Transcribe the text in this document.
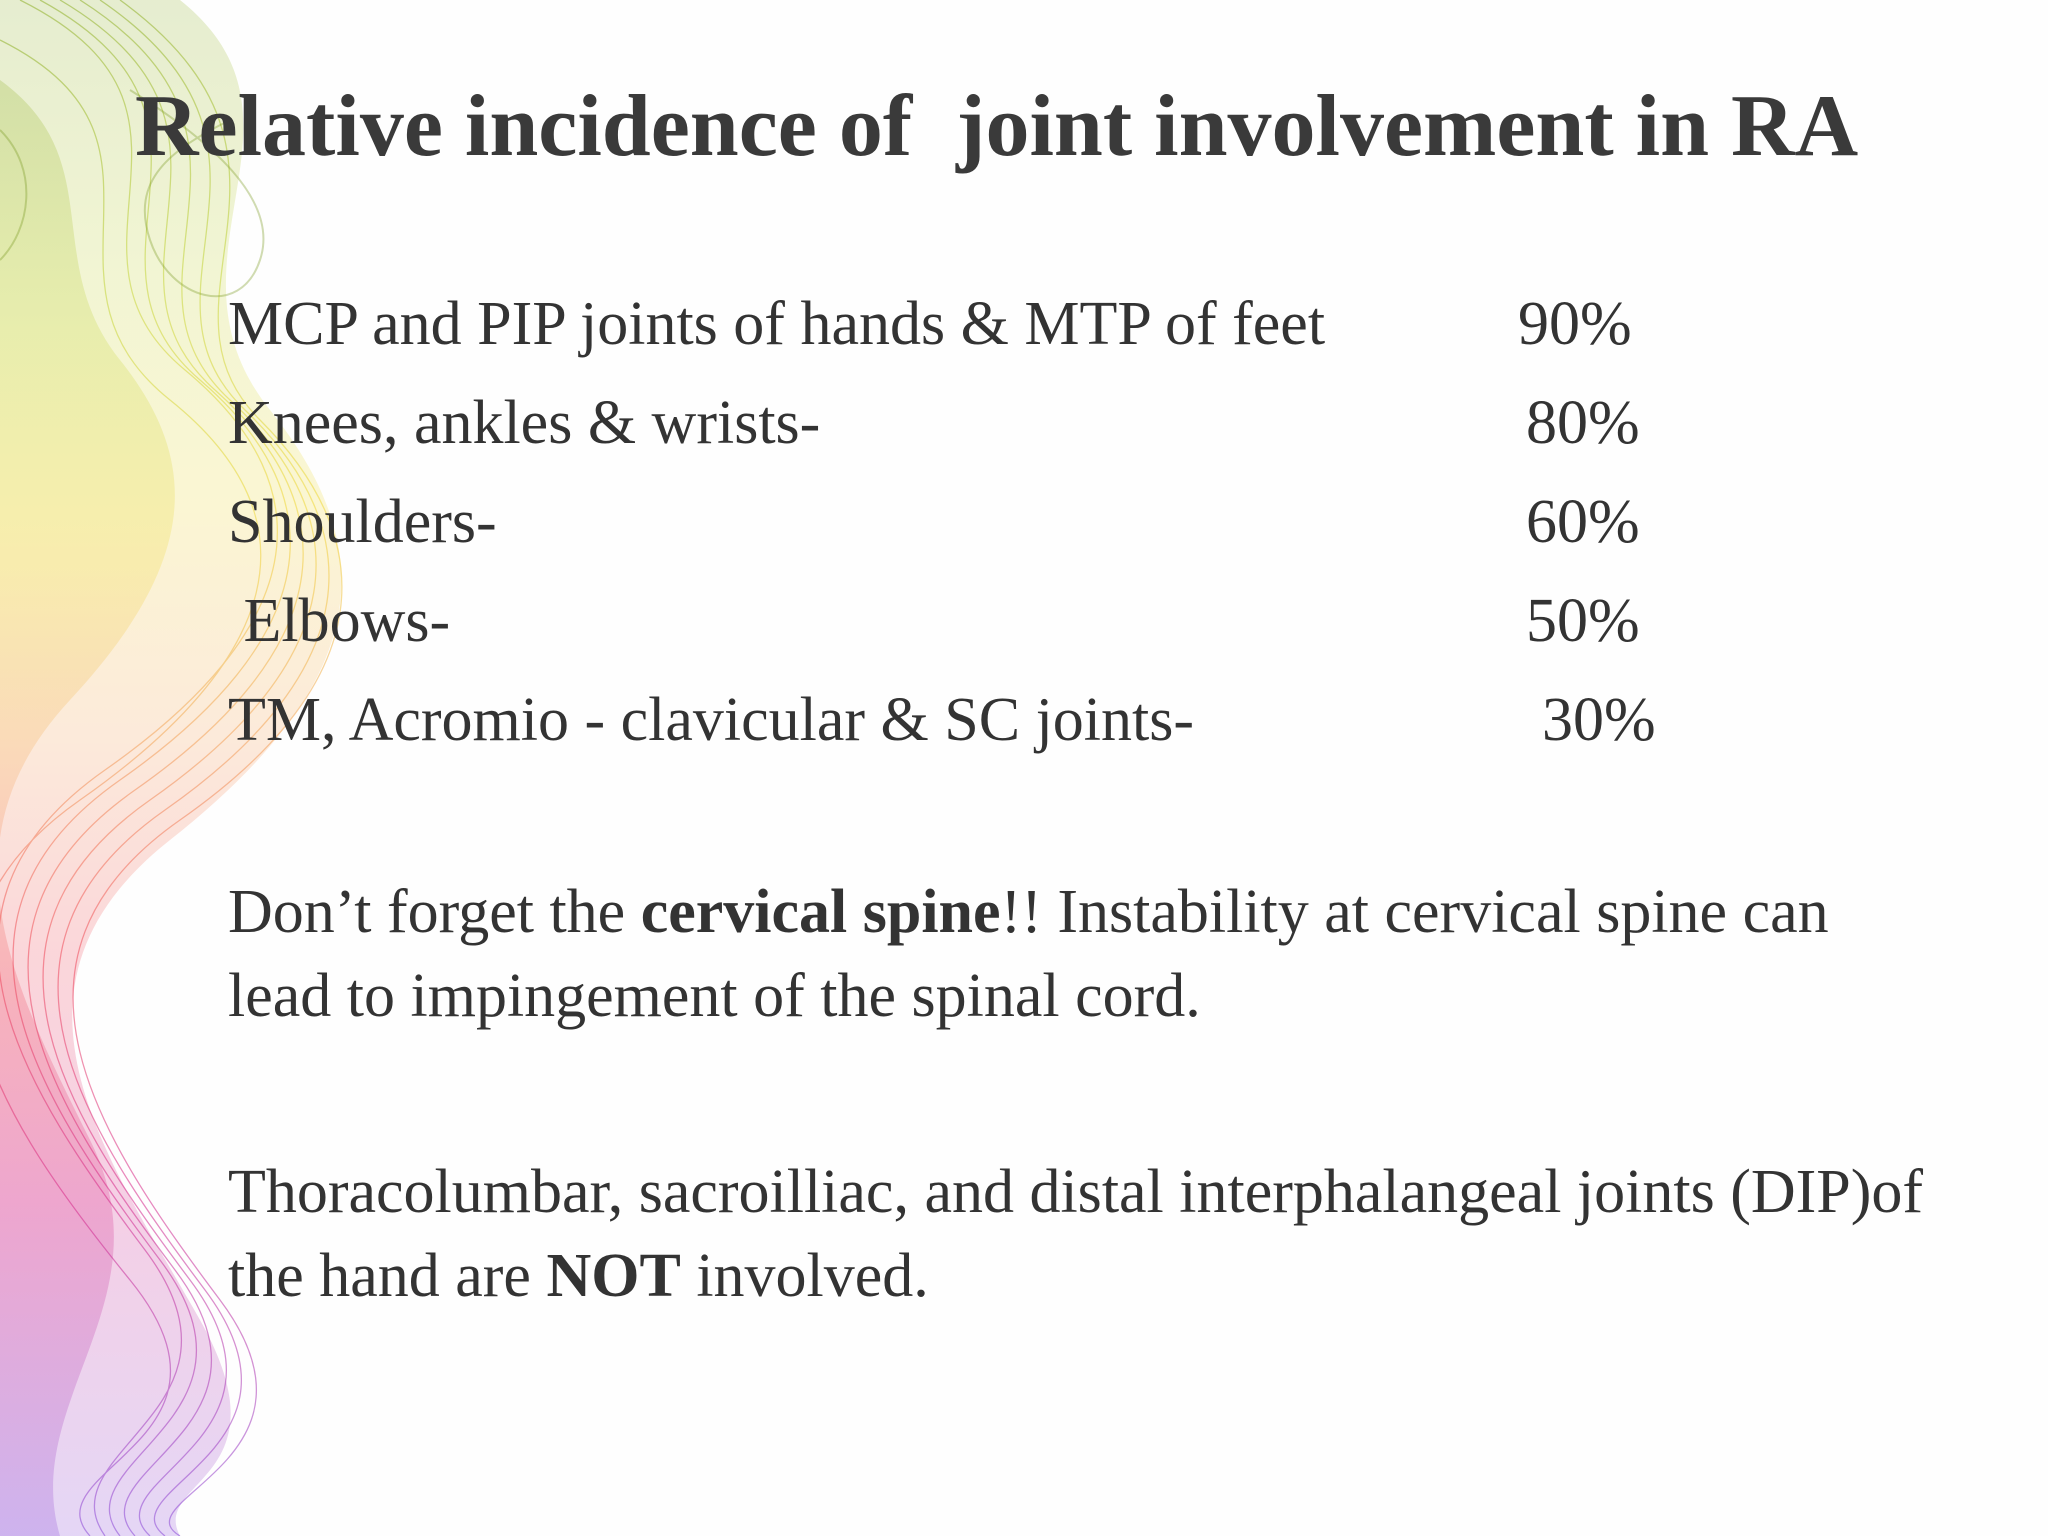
Relative incidence of  joint involvement in RA
MCP and PIP joints of hands & MTP of feet	90%
Knees, ankles & wrists-	80%
Shoulders-	60%
Elbows-	50%
TM, Acromio - clavicular & SC joints-	30%

Don’t forget the cervical spine!! Instability at cervical spine can lead to impingement of the spinal cord.

Thoracolumbar, sacroilliac, and distal interphalangeal joints (DIP)of the hand are NOT involved.
